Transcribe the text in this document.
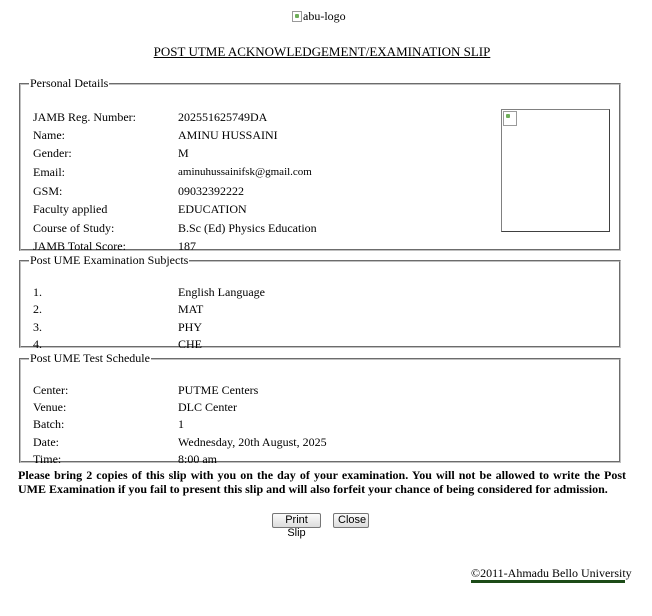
abu-logo
POST UTME ACKNOWLEDGEMENT/EXAMINATION SLIP
Personal Details
JAMB Reg. Number:	202551625749DA
Name:	AMINU HUSSAINI
Gender:	M
Email:	aminuhussainifsk@gmail.com
GSM:	09032392222
Faculty applied	EDUCATION
Course of Study:	B.Sc (Ed) Physics Education
JAMB Total Score:	187
Post UME Examination Subjects
1.	English Language
2.	MAT
3.	PHY
4.	CHE
Post UME Test Schedule
Center:	PUTME Centers
Venue:	DLC Center
Batch:	1
Date:	Wednesday, 20th August, 2025
Time:	8:00 am
Please bring 2 copies of this slip with you on the day of your examination. You will not be allowed to write the Post UME Examination if you fail to present this slip and will also forfeit your chance of being considered for admission.
Print Slip
Close
©2011-Ahmadu Bello University
